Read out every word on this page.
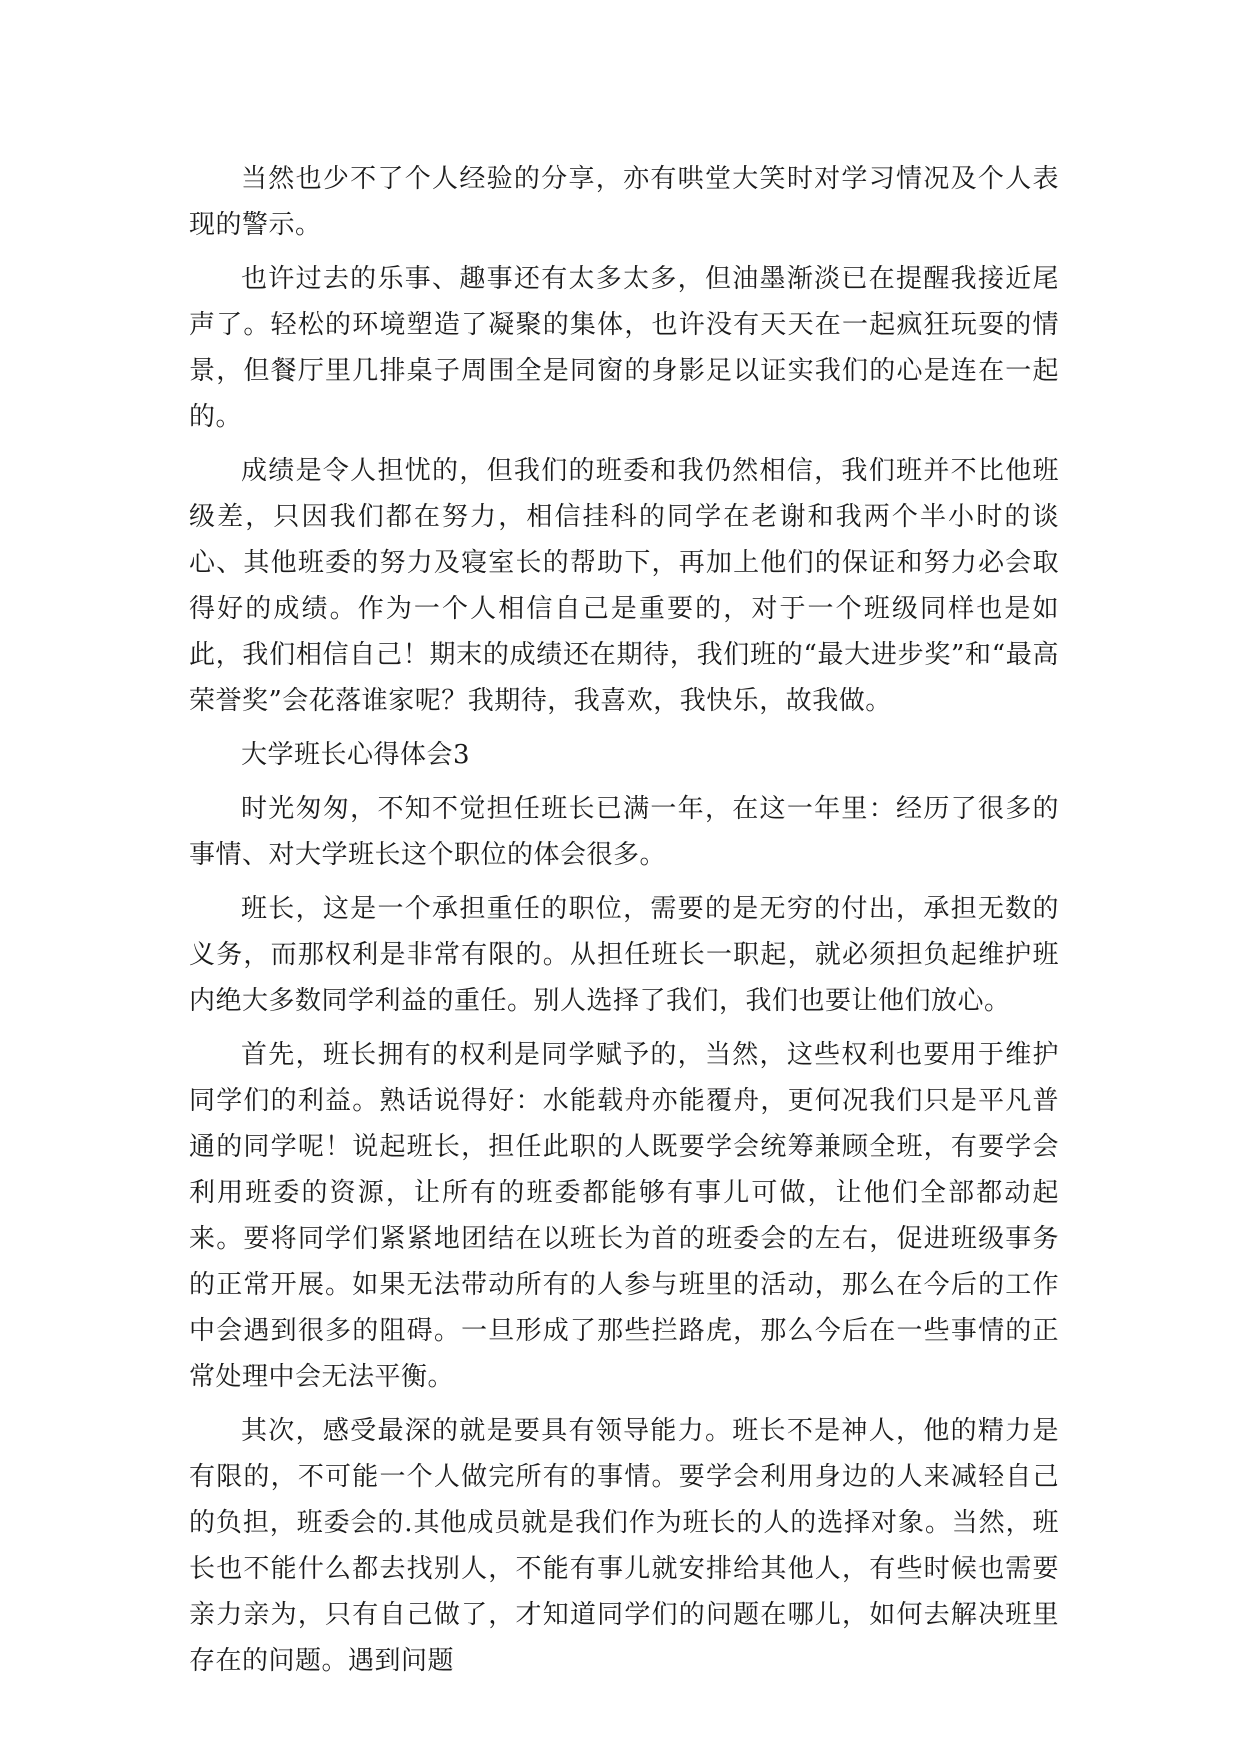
当然也少不了个人经验的分享，亦有哄堂大笑时对学习情况及个人表现的警示。

也许过去的乐事、趣事还有太多太多，但油墨渐淡已在提醒我接近尾声了。轻松的环境塑造了凝聚的集体，也许没有天天在一起疯狂玩耍的情景，但餐厅里几排桌子周围全是同窗的身影足以证实我们的心是连在一起的。

成绩是令人担忧的，但我们的班委和我仍然相信，我们班并不比他班级差，只因我们都在努力，相信挂科的同学在老谢和我两个半小时的谈心、其他班委的努力及寝室长的帮助下，再加上他们的保证和努力必会取得好的成绩。作为一个人相信自己是重要的，对于一个班级同样也是如此，我们相信自己！期末的成绩还在期待，我们班的“最大进步奖”和“最高荣誉奖”会花落谁家呢？我期待，我喜欢，我快乐，故我做。

大学班长心得体会3

时光匆匆，不知不觉担任班长已满一年，在这一年里：经历了很多的事情、对大学班长这个职位的体会很多。

班长，这是一个承担重任的职位，需要的是无穷的付出，承担无数的义务，而那权利是非常有限的。从担任班长一职起，就必须担负起维护班内绝大多数同学利益的重任。别人选择了我们，我们也要让他们放心。

首先，班长拥有的权利是同学赋予的，当然，这些权利也要用于维护同学们的利益。熟话说得好：水能载舟亦能覆舟，更何况我们只是平凡普通的同学呢！说起班长，担任此职的人既要学会统筹兼顾全班，有要学会利用班委的资源，让所有的班委都能够有事儿可做，让他们全部都动起来。要将同学们紧紧地团结在以班长为首的班委会的左右，促进班级事务的正常开展。如果无法带动所有的人参与班里的活动，那么在今后的工作中会遇到很多的阻碍。一旦形成了那些拦路虎，那么今后在一些事情的正常处理中会无法平衡。

其次，感受最深的就是要具有领导能力。班长不是神人，他的精力是有限的，不可能一个人做完所有的事情。要学会利用身边的人来减轻自己的负担，班委会的.其他成员就是我们作为班长的人的选择对象。当然，班长也不能什么都去找别人，不能有事儿就安排给其他人，有些时候也需要亲力亲为，只有自己做了，才知道同学们的问题在哪儿，如何去解决班里存在的问题。遇到问题
